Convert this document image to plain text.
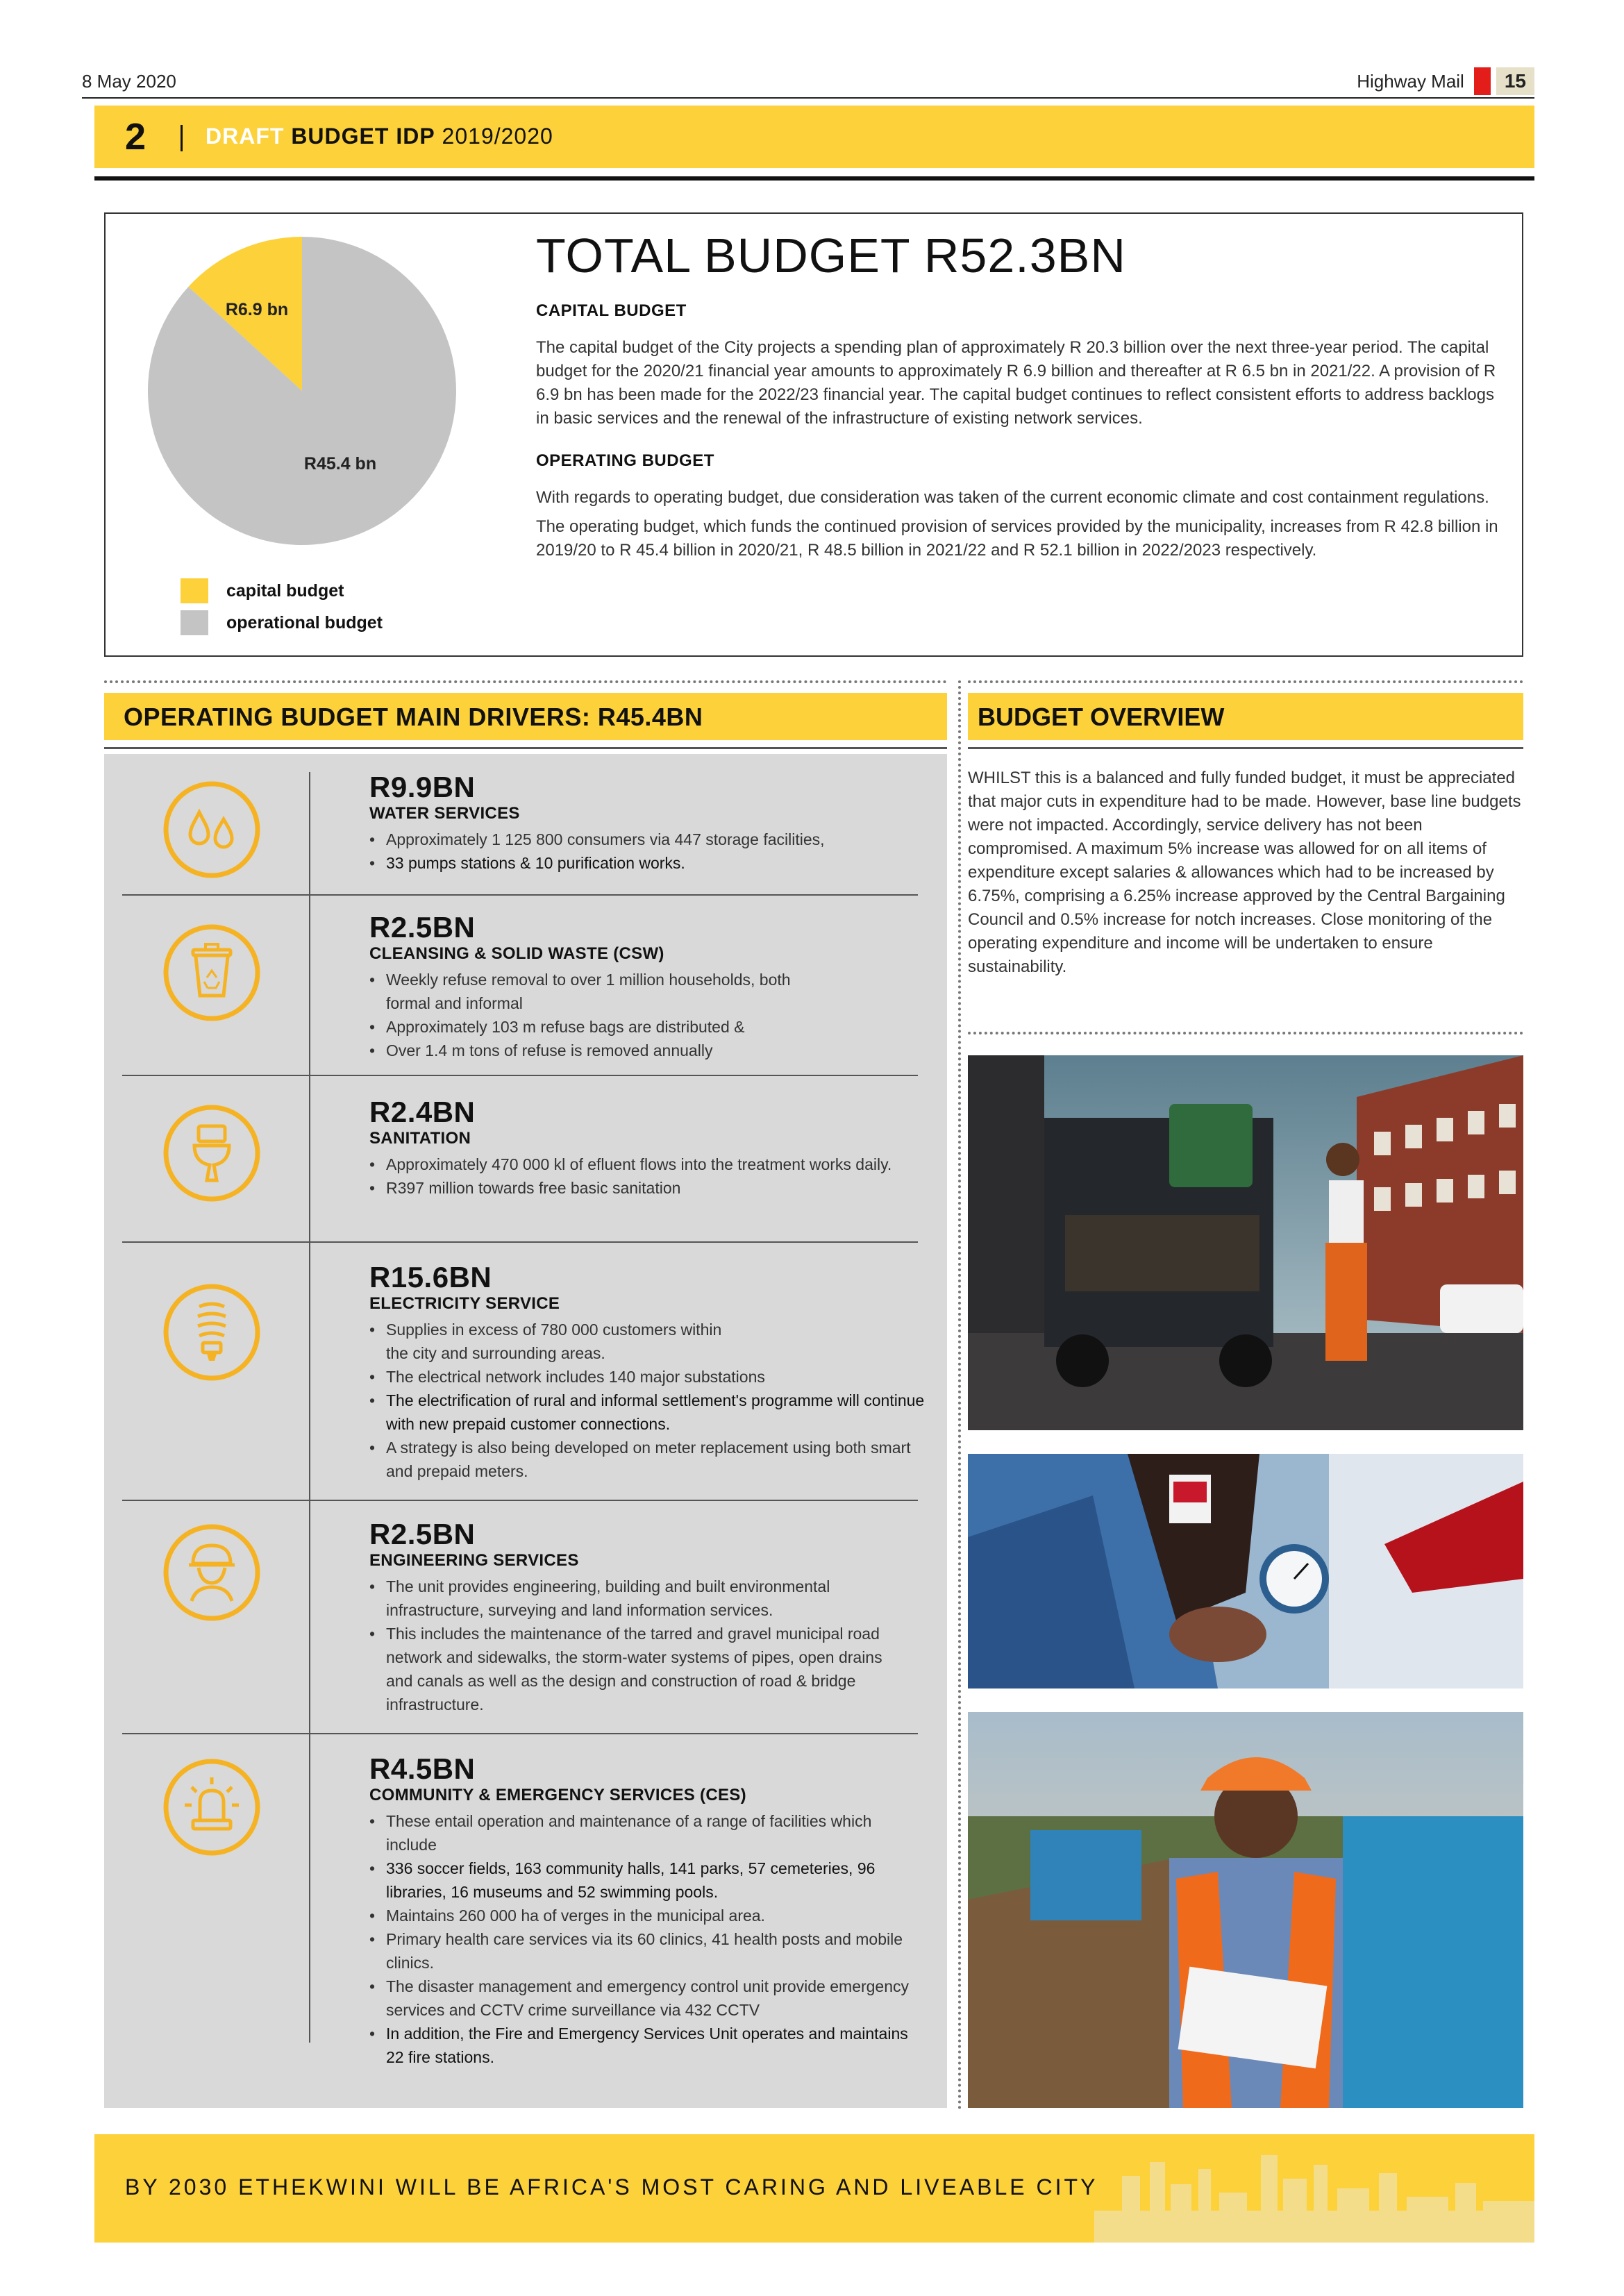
8 May 2020	Highway Mail	15
2	DRAFT BUDGET IDP 2019/2020
R6.9 bn
R45.4 bn
capital budget
operational budget
TOTAL BUDGET R52.3BN
CAPITAL BUDGET

The capital budget of the City projects a spending plan of approximately R 20.3 billion over the next three-year period. The capital budget for the 2020/21 financial year amounts to approximately R 6.9 billion and thereafter at R 6.5 bn in 2021/22. A provision of R 6.9 bn has been made for the 2022/23 financial year. The capital budget continues to reflect consistent efforts to address backlogs in basic services and the renewal of the infrastructure of existing network services.

OPERATING BUDGET

With regards to operating budget, due consideration was taken of the current economic climate and cost containment regulations.

The operating budget, which funds the continued provision of services provided by the municipality, increases from R 42.8 billion in 2019/20 to R 45.4 billion in 2020/21, R 48.5 billion in 2021/22 and R 52.1 billion in 2022/2023 respectively.

OPERATING BUDGET MAIN DRIVERS: R45.4BN
R9.9BN
WATER SERVICES
• Approximately 1 125 800 consumers via 447 storage facilities,
• 33 pumps stations & 10 purification works.
R2.5BN
CLEANSING & SOLID WASTE (CSW)
• Weekly refuse removal to over 1 million households, both formal and informal
• Approximately 103 m refuse bags are distributed &
• Over 1.4 m tons of refuse is removed annually
R2.4BN
SANITATION
• Approximately 470 000 kl of efluent flows into the treatment works daily.
• R397 million towards free basic sanitation
R15.6BN
ELECTRICITY SERVICE
• Supplies in excess of 780 000 customers within the city and surrounding areas.
• The electrical network includes 140 major substations
• The electrification of rural and informal settlement's programme will continue with new prepaid customer connections.
• A strategy is also being developed on meter replacement using both smart and prepaid meters.
R2.5BN
ENGINEERING SERVICES
• The unit provides engineering, building and built environmental infrastructure, surveying and land information services.
• This includes the maintenance of the tarred and gravel municipal road network and sidewalks, the storm-water systems of pipes, open drains and canals as well as the design and construction of road & bridge infrastructure.
R4.5BN
COMMUNITY & EMERGENCY SERVICES (CES)
• These entail operation and maintenance of a range of facilities which include
• 336 soccer fields, 163 community halls, 141 parks, 57 cemeteries, 96 libraries, 16 museums and 52 swimming pools.
• Maintains 260 000 ha of verges in the municipal area.
• Primary health care services via its 60 clinics, 41 health posts and mobile clinics.
• The disaster management and emergency control unit provide emergency services and CCTV crime surveillance via 432 CCTV
• In addition, the Fire and Emergency Services Unit operates and maintains 22 fire stations.
BUDGET OVERVIEW

WHILST this is a balanced and fully funded budget, it must be appreciated that major cuts in expenditure had to be made. However, base line budgets were not impacted. Accordingly, service delivery has not been compromised. A maximum 5% increase was allowed for on all items of expenditure except salaries & allowances which had to be increased by 6.75%, comprising a 6.25% increase approved by the Central Bargaining Council and 0.5% increase for notch increases. Close monitoring of the operating expenditure and income will be undertaken to ensure sustainability.

BY 2030 ETHEKWINI WILL BE AFRICA'S MOST CARING AND LIVEABLE CITY
